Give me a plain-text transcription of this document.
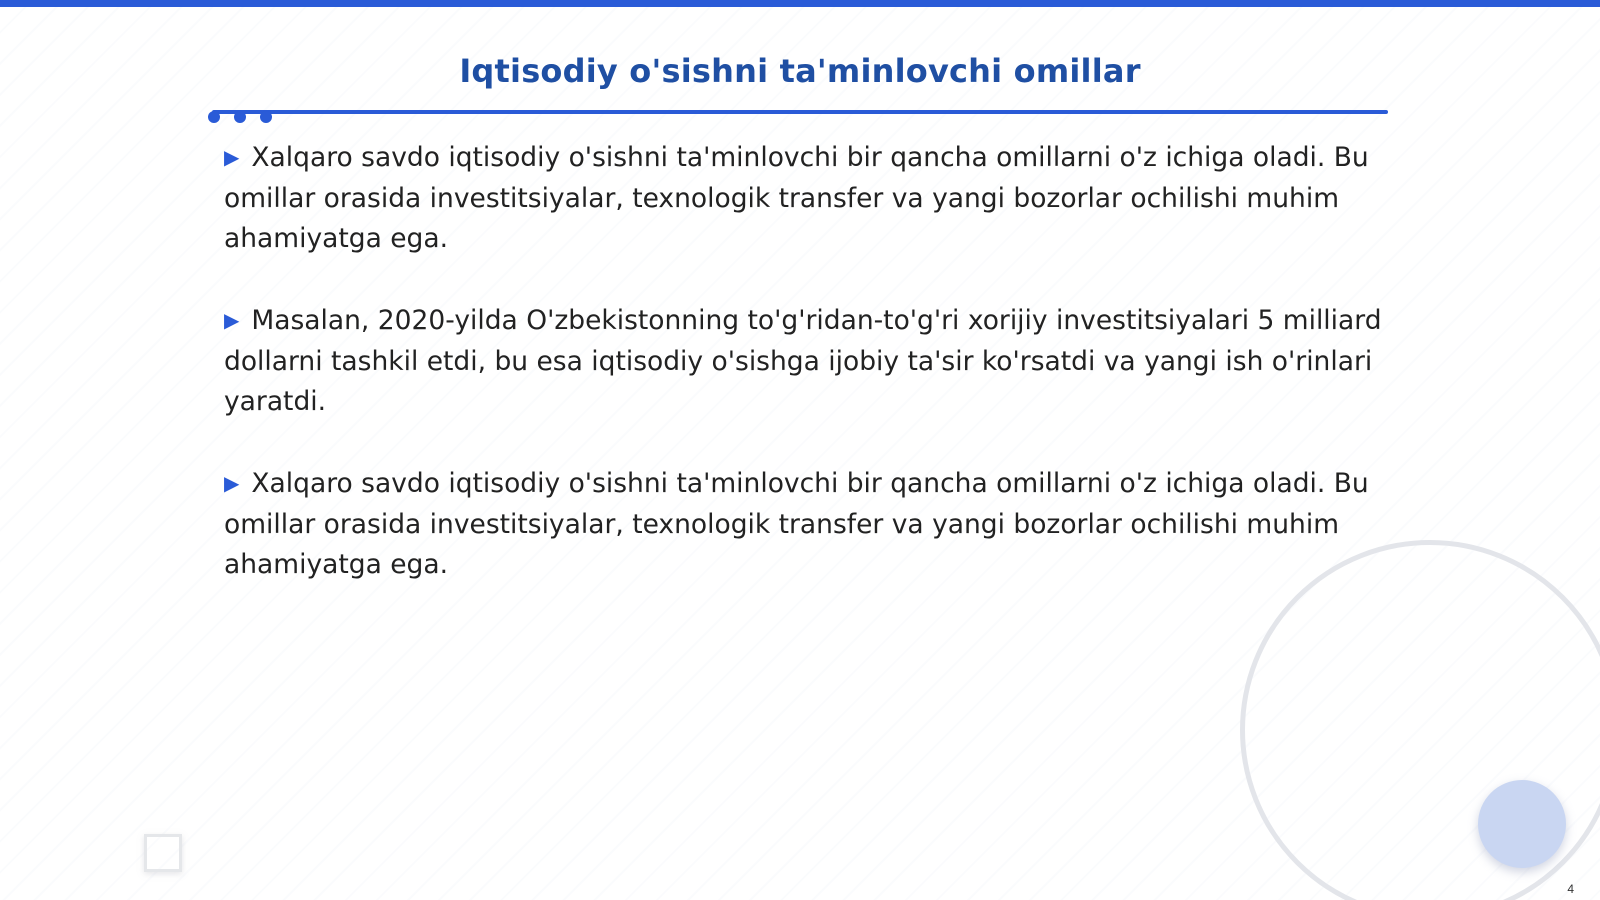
Iqtisodiy o'sishni ta'minlovchi omillar

▶ Xalqaro savdo iqtisodiy o'sishni ta'minlovchi bir qancha omillarni o'z ichiga oladi. Bu omillar orasida investitsiyalar, texnologik transfer va yangi bozorlar ochilishi muhim ahamiyatga ega.

▶ Masalan, 2020-yilda O'zbekistonning to'g'ridan-to'g'ri xorijiy investitsiyalari 5 milliard dollarni tashkil etdi, bu esa iqtisodiy o'sishga ijobiy ta'sir ko'rsatdi va yangi ish o'rinlari yaratdi.

▶ Xalqaro savdo iqtisodiy o'sishni ta'minlovchi bir qancha omillarni o'z ichiga oladi. Bu omillar orasida investitsiyalar, texnologik transfer va yangi bozorlar ochilishi muhim ahamiyatga ega.

4
